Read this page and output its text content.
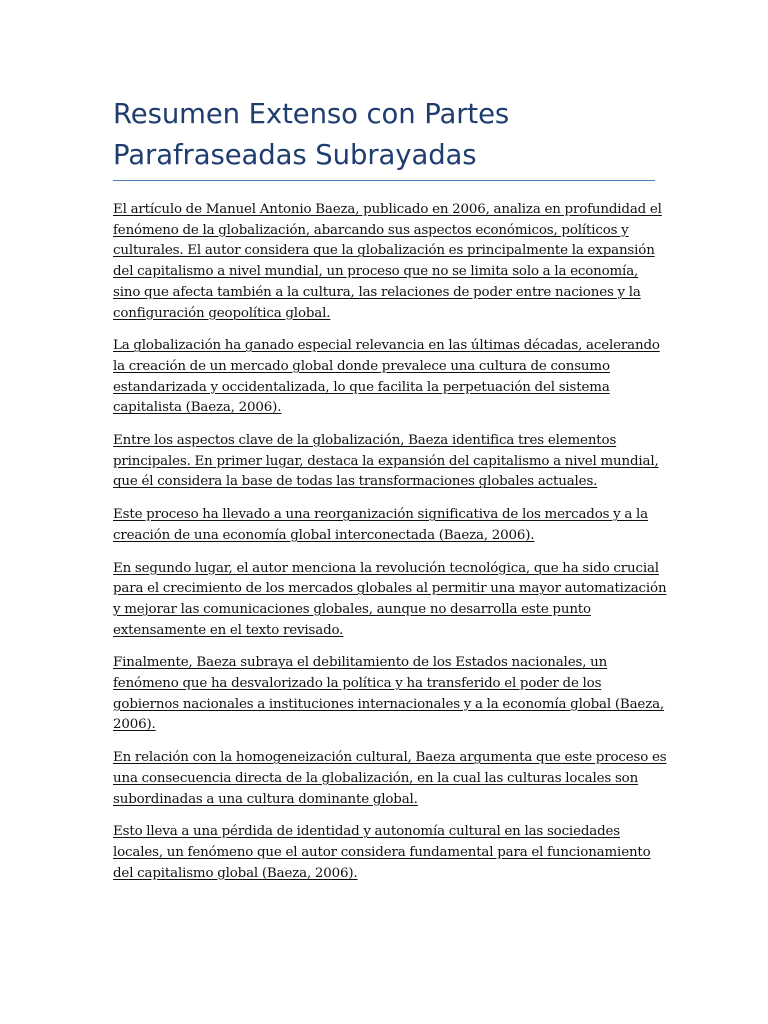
Resumen Extenso con Partes Parafraseadas Subrayadas

El artículo de Manuel Antonio Baeza, publicado en 2006, analiza en profundidad el fenómeno de la globalización, abarcando sus aspectos económicos, políticos y culturales. El autor considera que la globalización es principalmente la expansión del capitalismo a nivel mundial, un proceso que no se limita solo a la economía, sino que afecta también a la cultura, las relaciones de poder entre naciones y la configuración geopolítica global.

La globalización ha ganado especial relevancia en las últimas décadas, acelerando la creación de un mercado global donde prevalece una cultura de consumo estandarizada y occidentalizada, lo que facilita la perpetuación del sistema capitalista (Baeza, 2006).

Entre los aspectos clave de la globalización, Baeza identifica tres elementos principales. En primer lugar, destaca la expansión del capitalismo a nivel mundial, que él considera la base de todas las transformaciones globales actuales.

Este proceso ha llevado a una reorganización significativa de los mercados y a la creación de una economía global interconectada (Baeza, 2006).

En segundo lugar, el autor menciona la revolución tecnológica, que ha sido crucial para el crecimiento de los mercados globales al permitir una mayor automatización y mejorar las comunicaciones globales, aunque no desarrolla este punto extensamente en el texto revisado.

Finalmente, Baeza subraya el debilitamiento de los Estados nacionales, un fenómeno que ha desvalorizado la política y ha transferido el poder de los gobiernos nacionales a instituciones internacionales y a la economía global (Baeza, 2006).

En relación con la homogeneización cultural, Baeza argumenta que este proceso es una consecuencia directa de la globalización, en la cual las culturas locales son subordinadas a una cultura dominante global.

Esto lleva a una pérdida de identidad y autonomía cultural en las sociedades locales, un fenómeno que el autor considera fundamental para el funcionamiento del capitalismo global (Baeza, 2006).
